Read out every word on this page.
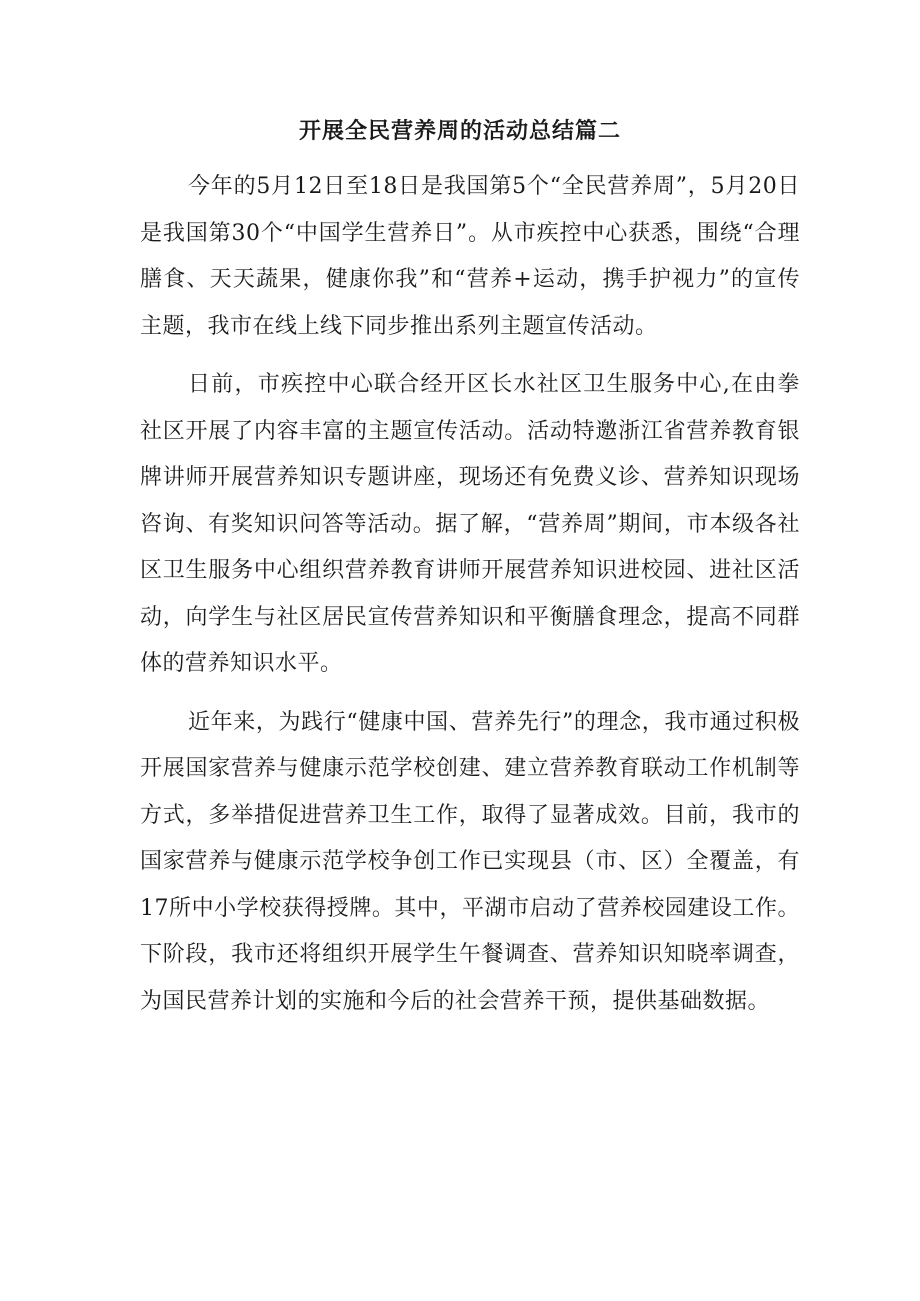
开展全民营养周的活动总结篇二

今年的5月12日至18日是我国第5个“全民营养周”，5月20日是我国第30个“中国学生营养日”。从市疾控中心获悉，围绕“合理膳食、天天蔬果，健康你我”和“营养+运动，携手护视力”的宣传主题，我市在线上线下同步推出系列主题宣传活动。

日前，市疾控中心联合经开区长水社区卫生服务中心,在由拳社区开展了内容丰富的主题宣传活动。活动特邀浙江省营养教育银牌讲师开展营养知识专题讲座，现场还有免费义诊、营养知识现场咨询、有奖知识问答等活动。据了解，“营养周”期间，市本级各社区卫生服务中心组织营养教育讲师开展营养知识进校园、进社区活动，向学生与社区居民宣传营养知识和平衡膳食理念，提高不同群体的营养知识水平。

近年来，为践行“健康中国、营养先行”的理念，我市通过积极开展国家营养与健康示范学校创建、建立营养教育联动工作机制等方式，多举措促进营养卫生工作，取得了显著成效。目前，我市的国家营养与健康示范学校争创工作已实现县（市、区）全覆盖，有17所中小学校获得授牌。其中，平湖市启动了营养校园建设工作。下阶段，我市还将组织开展学生午餐调查、营养知识知晓率调查，为国民营养计划的实施和今后的社会营养干预，提供基础数据。
